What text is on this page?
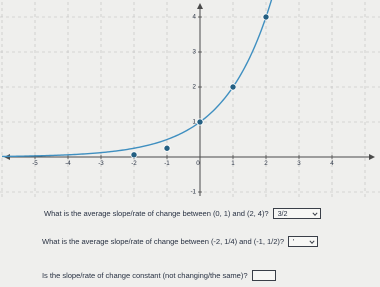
-5	-4	-3	-2	-1	0	1	2	3	4
4
3
2
1
-1
What is the average slope/rate of change between (0, 1) and (2, 4)? 3/2
What is the average slope/rate of change between (-2, 1/4) and (-1, 1/2)? '
Is the slope/rate of change constant (not changing/the same)?
